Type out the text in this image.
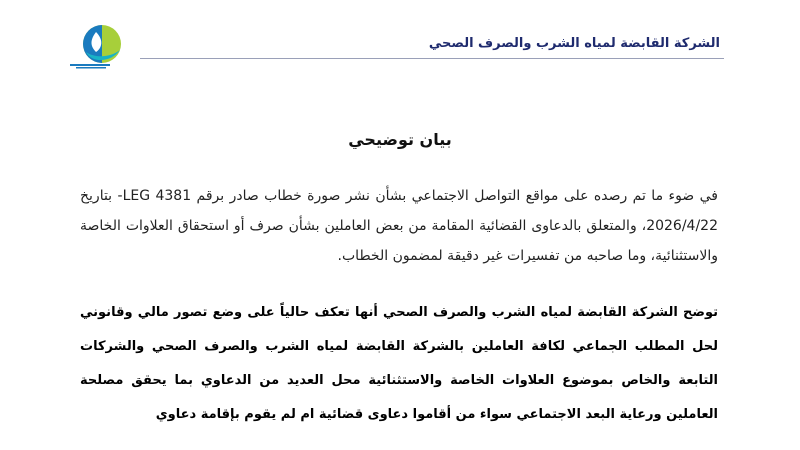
الشركة القابضة لمياه الشرب والصرف الصحي
بيان توضيحي
في ضوء ما تم رصده على مواقع التواصل الاجتماعي بشأن نشر صورة خطاب صادر برقم LEG 4381- بتاريخ 2026/4/22، والمتعلق بالدعاوى القضائية المقامة من بعض العاملين بشأن صرف أو استحقاق العلاوات الخاصة والاستثنائية، وما صاحبه من تفسيرات غير دقيقة لمضمون الخطاب.
توضح الشركة القابضة لمياه الشرب والصرف الصحي أنها تعكف حالياً على وضع تصور مالي وقانوني لحل المطلب الجماعي لكافة العاملين بالشركة القابضة لمياه الشرب والصرف الصحي والشركات التابعة والخاص بموضوع العلاوات الخاصة والاستثنائية محل العديد من الدعاوي بما يحقق مصلحة العاملين ورعاية البعد الاجتماعي سواء من أقاموا دعاوى قضائية ام لم يقوم بإقامة دعاوي
